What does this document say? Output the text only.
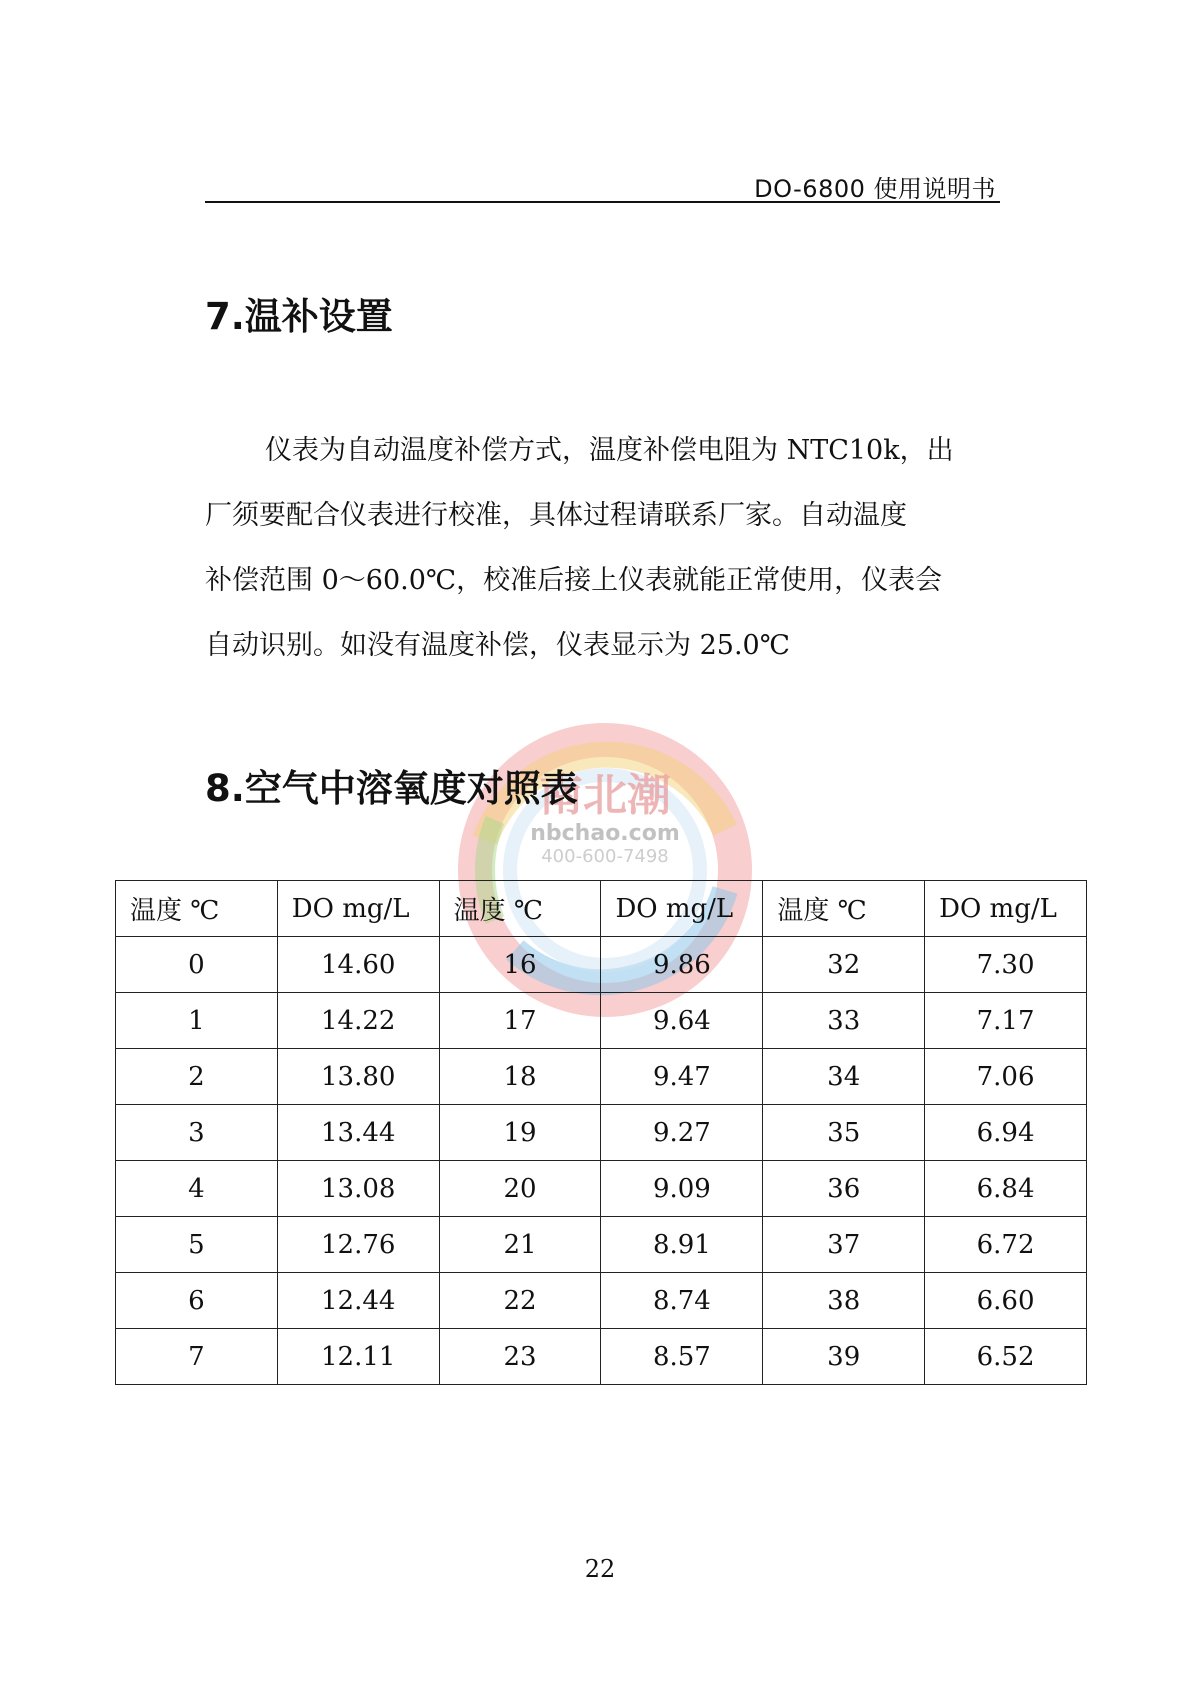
DO-6800 使用说明书
7.温补设置

仪表为自动温度补偿方式，温度补偿电阻为 NTC10k，出
厂须要配合仪表进行校准，具体过程请联系厂家。自动温度
补偿范围 0～60.0℃，校准后接上仪表就能正常使用，仪表会
自动识别。如没有温度补偿，仪表显示为 25.0℃

南北潮
nbchao.com
400-600-7498
8.空气中溶氧度对照表
温度 ℃	DO mg/L	温度 ℃	DO mg/L	温度 ℃	DO mg/L
0	14.60	16	9.86	32	7.30
1	14.22	17	9.64	33	7.17
2	13.80	18	9.47	34	7.06
3	13.44	19	9.27	35	6.94
4	13.08	20	9.09	36	6.84
5	12.76	21	8.91	37	6.72
6	12.44	22	8.74	38	6.60
7	12.11	23	8.57	39	6.52
22
